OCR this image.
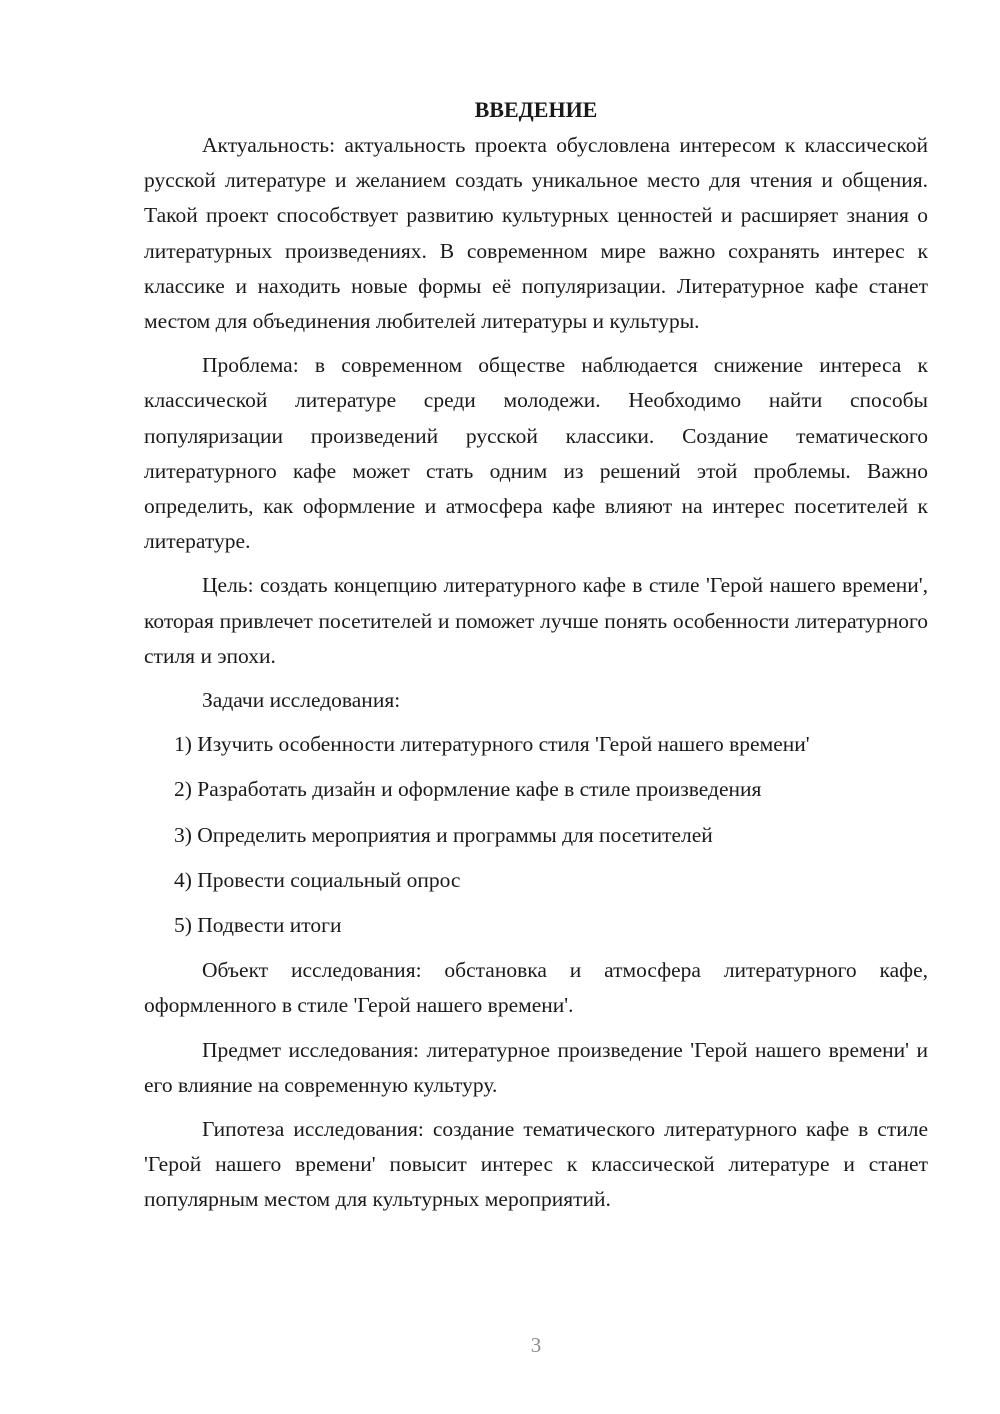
ВВЕДЕНИЕ

Актуальность: актуальность проекта обусловлена интересом к классической русской литературе и желанием создать уникальное место для чтения и общения. Такой проект способствует развитию культурных ценностей и расширяет знания о литературных произведениях. В современном мире важно сохранять интерес к классике и находить новые формы её популяризации. Литературное кафе станет местом для объединения любителей литературы и культуры.

Проблема: в современном обществе наблюдается снижение интереса к классической литературе среди молодежи. Необходимо найти способы популяризации произведений русской классики. Создание тематического литературного кафе может стать одним из решений этой проблемы. Важно определить, как оформление и атмосфера кафе влияют на интерес посетителей к литературе.

Цель: создать концепцию литературного кафе в стиле 'Герой нашего времени', которая привлечет посетителей и поможет лучше понять особенности литературного стиля и эпохи.

Задачи исследования:

1) Изучить особенности литературного стиля 'Герой нашего времени'

2) Разработать дизайн и оформление кафе в стиле произведения

3) Определить мероприятия и программы для посетителей

4) Провести социальный опрос

5) Подвести итоги

Объект исследования: обстановка и атмосфера литературного кафе, оформленного в стиле 'Герой нашего времени'.

Предмет исследования: литературное произведение 'Герой нашего времени' и его влияние на современную культуру.

Гипотеза исследования: создание тематического литературного кафе в стиле 'Герой нашего времени' повысит интерес к классической литературе и станет популярным местом для культурных мероприятий.

3
